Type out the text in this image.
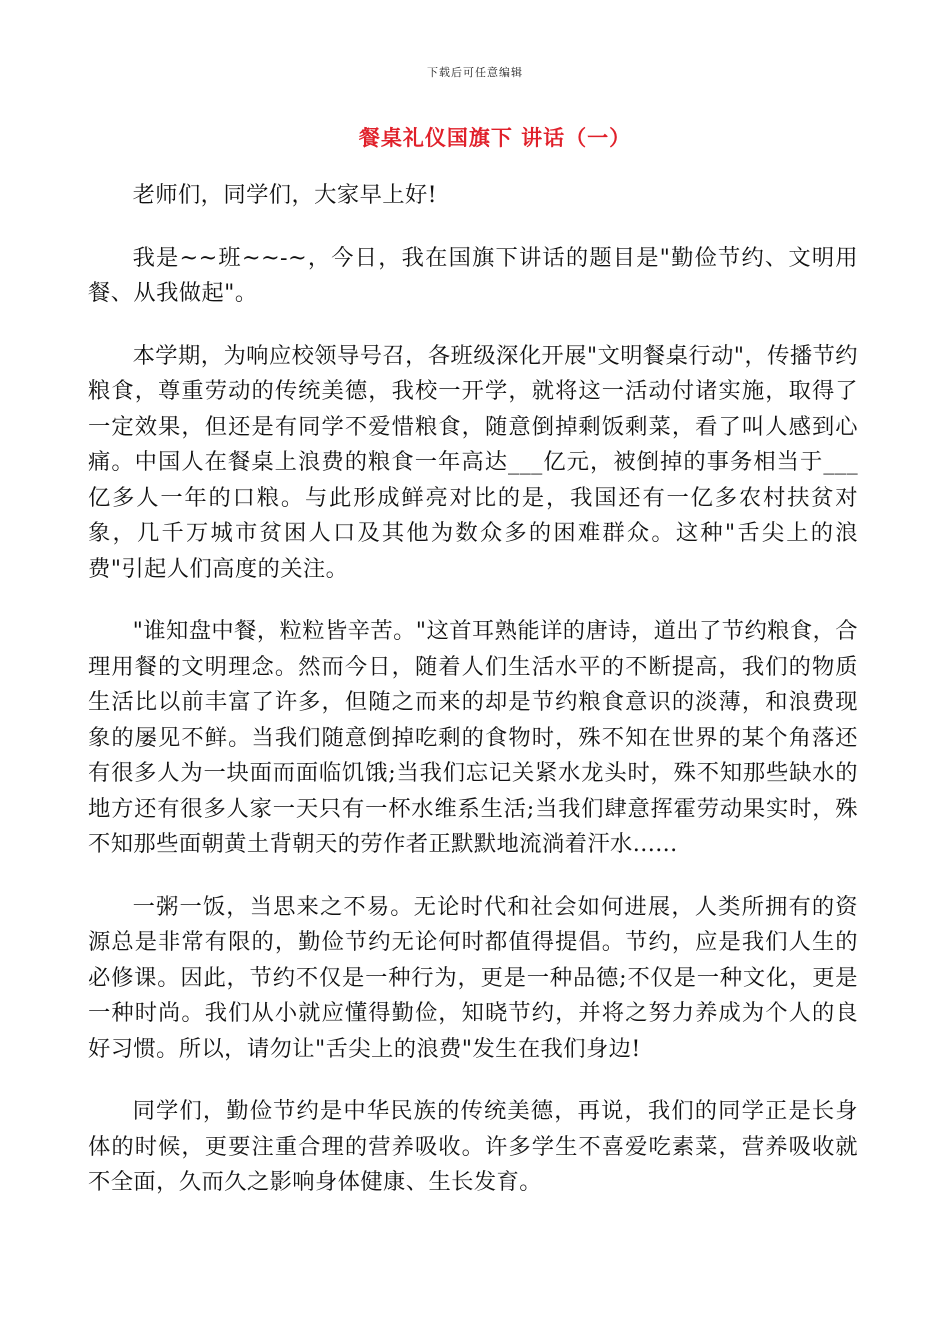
下载后可任意编辑
餐桌礼仪国旗下 讲话（一）

老师们，同学们，大家早上好!

我是~~班~~-~，今日，我在国旗下讲话的题目是"勤俭节约、文明用餐、从我做起"。

本学期，为响应校领导号召，各班级深化开展"文明餐桌行动"，传播节约粮食，尊重劳动的传统美德，我校一开学，就将这一活动付诸实施，取得了一定效果，但还是有同学不爱惜粮食，随意倒掉剩饭剩菜，看了叫人感到心痛。中国人在餐桌上浪费的粮食一年高达___亿元，被倒掉的事务相当于___亿多人一年的口粮。与此形成鲜亮对比的是，我国还有一亿多农村扶贫对象，几千万城市贫困人口及其他为数众多的困难群众。这种"舌尖上的浪费"引起人们高度的关注。

"谁知盘中餐，粒粒皆辛苦。"这首耳熟能详的唐诗，道出了节约粮食，合理用餐的文明理念。然而今日，随着人们生活水平的不断提高，我们的物质生活比以前丰富了许多，但随之而来的却是节约粮食意识的淡薄，和浪费现象的屡见不鲜。当我们随意倒掉吃剩的食物时，殊不知在世界的某个角落还有很多人为一块面而面临饥饿;当我们忘记关紧水龙头时，殊不知那些缺水的地方还有很多人家一天只有一杯水维系生活;当我们肆意挥霍劳动果实时，殊不知那些面朝黄土背朝天的劳作者正默默地流淌着汗水......

一粥一饭，当思来之不易。无论时代和社会如何进展，人类所拥有的资源总是非常有限的，勤俭节约无论何时都值得提倡。节约，应是我们人生的必修课。因此，节约不仅是一种行为，更是一种品德;不仅是一种文化，更是一种时尚。我们从小就应懂得勤俭，知晓节约，并将之努力养成为个人的良好习惯。所以，请勿让"舌尖上的浪费"发生在我们身边!

同学们，勤俭节约是中华民族的传统美德，再说，我们的同学正是长身体的时候，更要注重合理的营养吸收。许多学生不喜爱吃素菜，营养吸收就不全面，久而久之影响身体健康、生长发育。
